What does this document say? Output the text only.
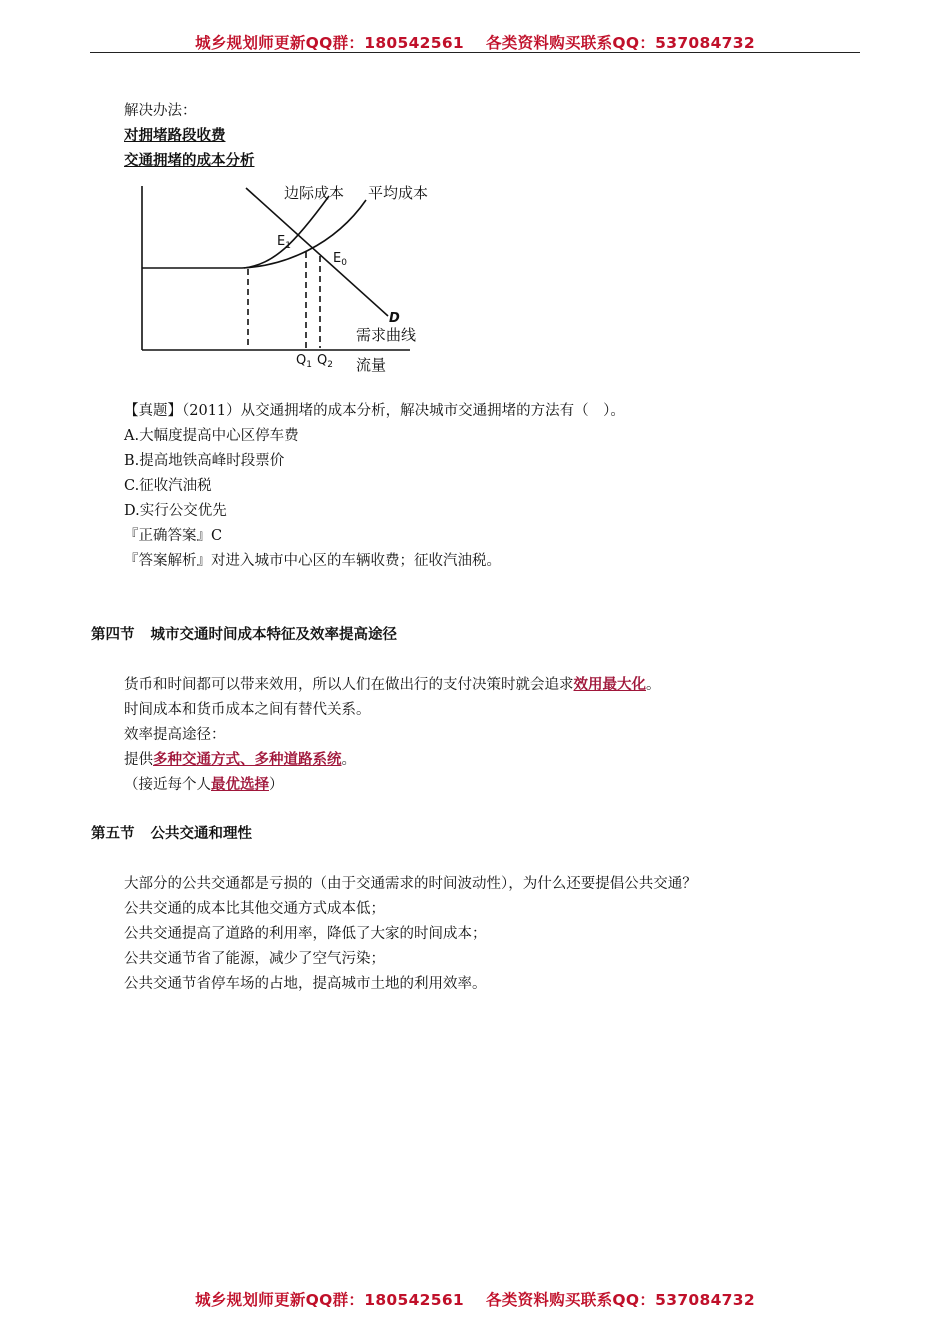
城乡规划师更新QQ群：180542561 各类资料购买联系QQ：537084732
解决办法：
对拥堵路段收费
交通拥堵的成本分析
边际成本 平均成本
$E_1$
$E_0$
D
需求曲线
$Q_1$ $Q_2$ 流量
【真题】（2011）从交通拥堵的成本分析，解决城市交通拥堵的方法有（　）。
A.大幅度提高中心区停车费
B.提高地铁高峰时段票价
C.征收汽油税
D.实行公交优先
『正确答案』C
『答案解析』对进入城市中心区的车辆收费；征收汽油税。
第四节 城市交通时间成本特征及效率提高途径
货币和时间都可以带来效用，所以人们在做出行的支付决策时就会追求效用最大化。
时间成本和货币成本之间有替代关系。
效率提高途径：
提供多种交通方式、多种道路系统。
（接近每个人最优选择）
第五节 公共交通和理性
大部分的公共交通都是亏损的（由于交通需求的时间波动性），为什么还要提倡公共交通？
公共交通的成本比其他交通方式成本低；
公共交通提高了道路的利用率，降低了大家的时间成本；
公共交通节省了能源，减少了空气污染；
公共交通节省停车场的占地，提高城市土地的利用效率。
城乡规划师更新QQ群：180542561 各类资料购买联系QQ：537084732
